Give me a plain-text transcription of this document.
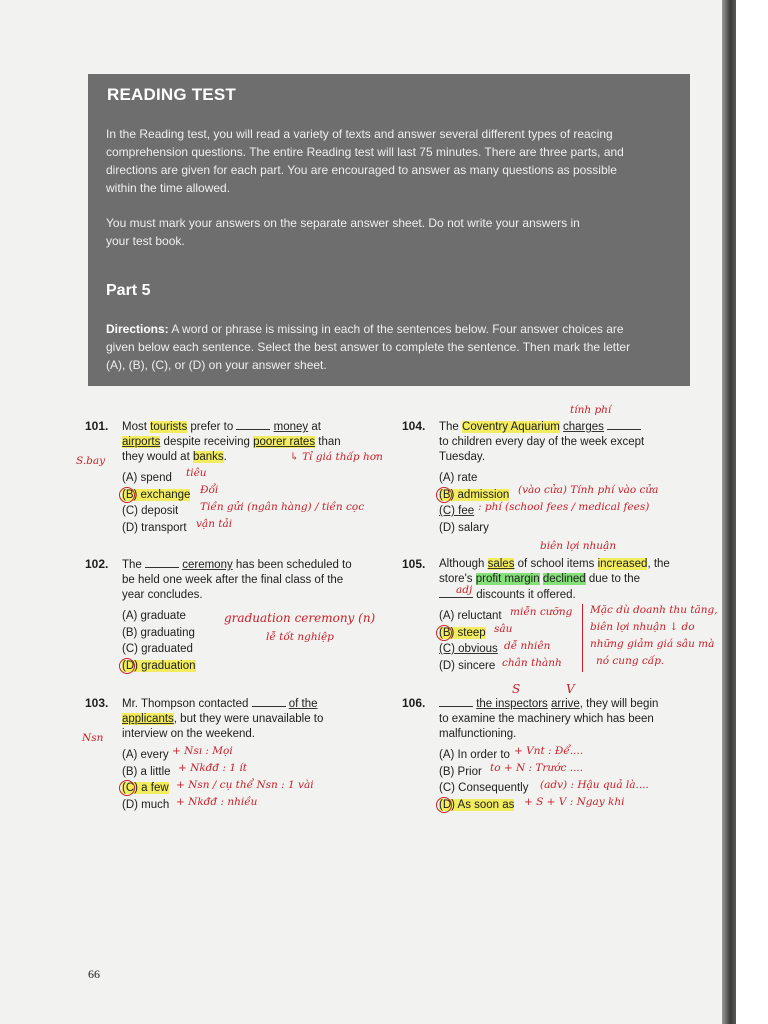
READING TEST

In the Reading test, you will read a variety of texts and answer several different types of reacing
comprehension questions. The entire Reading test will last 75 minutes. There are three parts, and
directions are given for each part. You are encouraged to answer as many questions as possible
within the time allowed.

You must mark your answers on the separate answer sheet. Do not write your answers in
your test book.

Part 5

Directions: A word or phrase is missing in each of the sentences below. Four answer choices are
given below each sentence. Select the best answer to complete the sentence. Then mark the letter
(A), (B), (C), or (D) on your answer sheet.

101. Most tourists prefer to	money at
airports despite receiving poorer rates than
they would at banks.

(A) spend
(B) exchange
(C) deposit
(D) transport
102. The	ceremony has been scheduled to
be held one week after the final class of the
year concludes.

(A) graduate
(B) graduating
(C) graduated
(D) graduation
103. Mr. Thompson contacted	of the
applicants, but they were unavailable to
interview on the weekend.

(A) every
(B) a little
(C) a few
(D) much
104. The Coventry Aquarium charges
to children every day of the week except
Tuesday.

(A) rate
(B) admission
(C) fee
(D) salary
105. Although sales of school items increased, the
store's profit margin declined due to the
discounts it offered.

(A) reluctant
(B) steep
(C) obvious
(D) sincere
106.	the inspectors arrive, they will begin
to examine the machinery which has been
malfunctioning.

(A) In order to
(B) Prior
(C) Consequently
(D) As soon as
S.bay	↳ Tỉ giá thấp hơn
tiêu
Đổi
Tiền gửi (ngân hàng) / tiền cọc
vận tải
graduation ceremony (n)
lễ tốt nghiệp
Nsn
+ Nsı : Mọi
+ Nkđđ : 1 ít
+ Nsn / cụ thể Nsn : 1 vài
+ Nkđđ : nhiều
tính phí
(vào cửa) Tính phí vào cửa
: phí (school fees / medical fees)
biên lợi nhuận
adj
miễn cưỡng
sâu
dễ nhiên
chân thành
Mặc dù doanh thu tăng,
biên lợi nhuận ↓ do
những giảm giá sâu mà
nó cung cấp.
S	V
+ Vnt : Để....
to + N : Trước ....
(adv) : Hậu quả là....
+ S + V : Ngay khi
66
